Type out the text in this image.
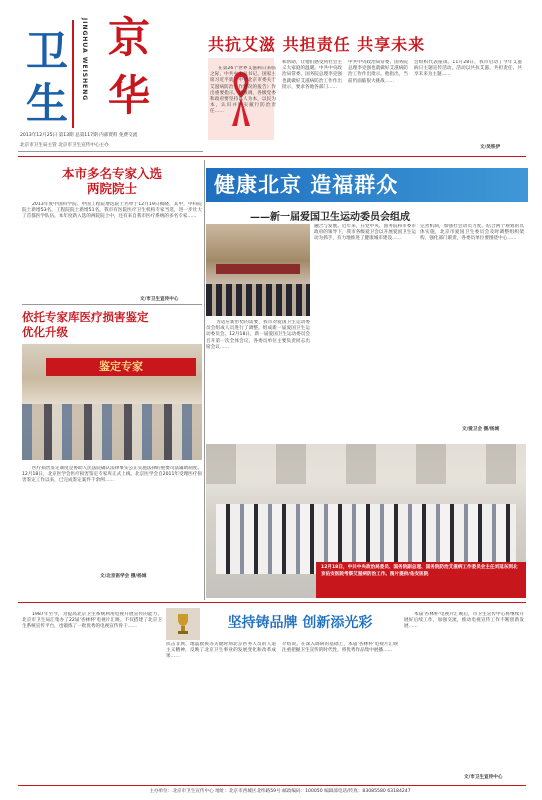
卫 京
生 华
JINGHUA WEISHENG
2013年12月25日 第13期 总第117期 内部资料 免费交流
北京市卫生局主管 北京市卫生宣传中心主办
共抗艾滋 共担责任 共享未来
在第26个世界艾滋病日来临之际，中共中央总书记、国家主席习近平就（中共北京市委关于艾滋病防治工作情况的报告）作出重要指示。他强调，各级党委和政府要坚持以人为本，以民为本，认识并切实履行防治责任……
和帮助，让他们感受到社会主义大家庭的温暖。中共中央政治局常委、国务院总理李克强也就做好艾滋病防治工作作出批示，要求各地各部门……
中共中央政治局常委、国务院总理李克强也就做好艾滋病防治工作作出批示。他指出，当前仍面临很大挑战……
会组织代表座谈。11月28日，我市启动了今年艾滋病日主题宣传活动。活动以共抗艾滋、共担责任、共享未来为主题……
文/吴铁伊
本市多名专家入选两院院士
2013年度中国科学院、中国工程院增选院士名单于12月19日揭晓，其中，中科院院士新增53名，工程院院士新增51名。我市有医院医疗卫生机构专家当选，进一步壮大了首都医学队伍。本年度新入选的两院院士中，还有来自我市医疗系统的多名专家……
文/市卫生宣传中心
依托专家库医疗损害鉴定优化升级
鉴定专家
医疗损害鉴定制度是协助人民法院确认法律事实公正实施法律的重要司法辅助制度。12月18日，北京医学会医疗损害鉴定专家库正式上线。北京医学会自2011年受理医疗损害鉴定工作以来，已完成鉴定案件千余例……
文/北京医学会 摄/杨城
健康北京 造福群众
——新一届爱国卫生运动委员会组成
为适应新形势的需要，我市对爱国卫生运动委员会组成人员进行了调整。组成新一届爱国卫生运动委员会。12月18日，新一届爱国卫生运动委员会召开第一次全体会议，各委员单位主要负责同志出席会议……
融合与发展。近年来，在党中央、国务院和市委市政府的领导下，我市各级爱卫会以开展爱国卫生运动为抓手，有力地推进了健康城市建设……
完善机制，加强社会动员力度。结合两个规划的具体实施，北京市爱国卫生委员会及时调整组织架构，强化部门职责，各委员单位要围绕中心……
文/爱卫会 摄/杨城
12月18日，中共中央政治局委员、国务院副总理、国务院防治艾滋病工作委员会主任刘延东到北京佑安医院考察艾滋病防治工作。图片提供/佑安医院
1987年至今，为提高北京卫生系统利用电视开展宣传的能力，北京市卫生局汇集办了22届'杏林杯'电视片汇映。不仅搭建了北京卫生系统宣传平台，也锻炼了一批优秀的电视宣传骨干……	坚持铸品牌 创新添光彩
抗击非典、地震救援等关键时刻北京医务人员的人道主义精神，反映了北京卫生事业的发展变化和改革成果……
介绍说。在深入调研的基础上，本届'杏林杯'电视片汇映注重把握卫生宣传的时代性，将优秀作品集中展播……
本届'杏林杯'电视片汇映后，市卫生宣传中心将继续开展好后续工作，加强交流，推动电视宣传工作不断创新发展……
文/市卫生宣传中心
主办单位：北京市卫生宣传中心 地址：北京市西城区北纬路59号 邮政编码：100050 编辑部电话/传真：83085580 63184247
